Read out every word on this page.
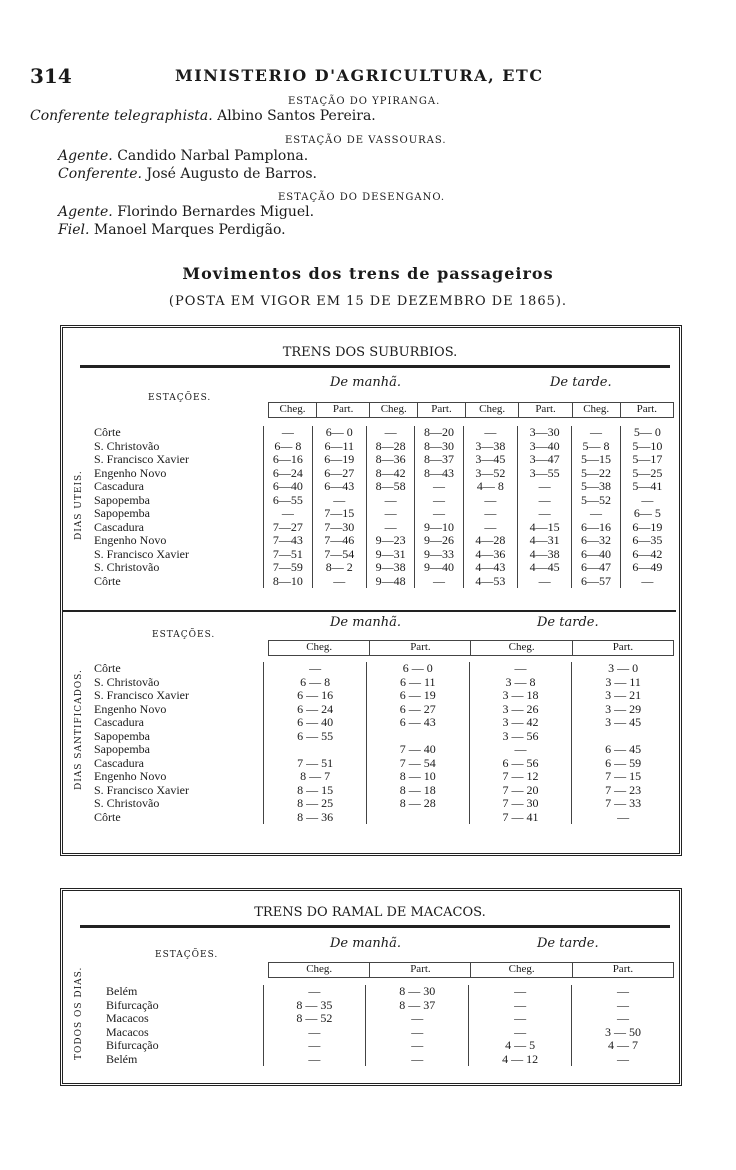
314	MINISTERIO D'AGRICULTURA, ETC
ESTAÇÃO DO YPIRANGA.
Conferente telegraphista. Albino Santos Pereira.
ESTAÇÃO DE VASSOURAS.
Agente. Candido Narbal Pamplona.
Conferente. José Augusto de Barros.
ESTAÇÃO DO DESENGANO.
Agente. Florindo Bernardes Miguel.
Fiel. Manoel Marques Perdigão.
Movimentos dos trens de passageiros
(POSTA EM VIGOR EM 15 DE DEZEMBRO DE 1865).
TRENS DOS SUBURBIOS.
ESTAÇÕES.
De manhã.	De tarde.
Cheg.	Part.	Cheg.	Part.	Cheg.	Part.	Cheg.	Part.
DIAS UTEIS.
Côrte	—	6— 0	—	8—20	—	3—30	—	5— 0
S. Christovão	6— 8	6—11	8—28	8—30	3—38	3—40	5— 8	5—10
S. Francisco Xavier	6—16	6—19	8—36	8—37	3—45	3—47	5—15	5—17
Engenho Novo	6—24	6—27	8—42	8—43	3—52	3—55	5—22	5—25
Cascadura	6—40	6—43	8—58	—	4— 8	—	5—38	5—41
Sapopemba	6—55	—	—	—	—	—	5—52	—
Sapopemba	—	7—15	—	—	—	—	—	6— 5
Cascadura	7—27	7—30	—	9—10	—	4—15	6—16	6—19
Engenho Novo	7—43	7—46	9—23	9—26	4—28	4—31	6—32	6—35
S. Francisco Xavier	7—51	7—54	9—31	9—33	4—36	4—38	6—40	6—42
S. Christovão	7—59	8— 2	9—38	9—40	4—43	4—45	6—47	6—49
Côrte	8—10	—	9—48	—	4—53	—	6—57	—
ESTAÇÕES.
De manhã.	De tarde.
Cheg.	Part.	Cheg.	Part.
DIAS SANTIFICADOS.
Côrte	—	6 — 0	—	3 — 0
S. Christovão	6 — 8	6 — 11	3 — 8	3 — 11
S. Francisco Xavier	6 — 16	6 — 19	3 — 18	3 — 21
Engenho Novo	6 — 24	6 — 27	3 — 26	3 — 29
Cascadura	6 — 40	6 — 43	3 — 42	3 — 45
Sapopemba	6 — 55		3 — 56	
Sapopemba		7 — 40	—	6 — 45
Cascadura	7 — 51	7 — 54	6 — 56	6 — 59
Engenho Novo	8 — 7	8 — 10	7 — 12	7 — 15
S. Francisco Xavier	8 — 15	8 — 18	7 — 20	7 — 23
S. Christovão	8 — 25	8 — 28	7 — 30	7 — 33
Côrte	8 — 36		7 — 41	—
TRENS DO RAMAL DE MACACOS.
ESTAÇÕES.
De manhã.	De tarde.
Cheg.	Part.	Cheg.	Part.
TODOS OS DIAS. Belém	—	8 — 30	—	—
Bifurcação	8 — 35	8 — 37	—	—
Macacos	8 — 52	—	—	—
Macacos	—	—	—	3 — 50
Bifurcação	—	—	4 — 5	4 — 7
Belém	—	—	4 — 12	—
